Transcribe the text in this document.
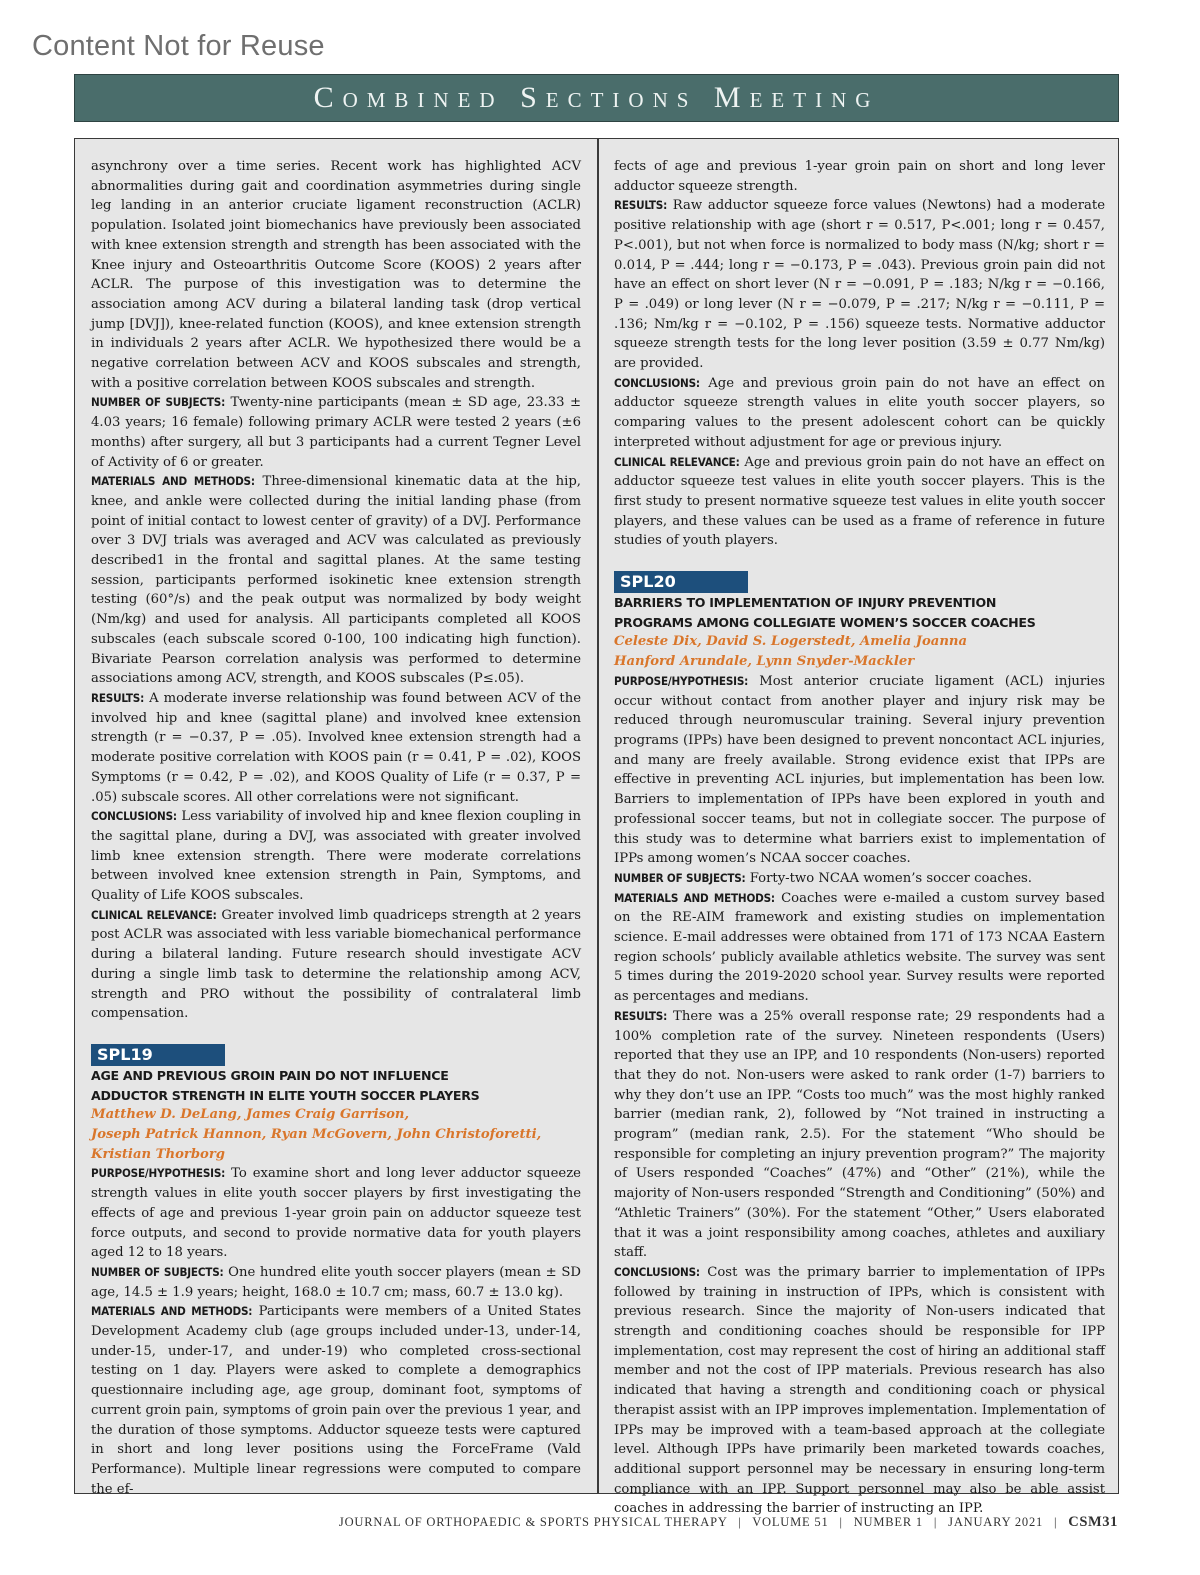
Content Not for Reuse
Combined Sections Meeting

asynchrony over a time series. Recent work has highlighted ACV abnormalities during gait and coordination asymmetries during single leg landing in an anterior cruciate ligament reconstruction (ACLR) population. Isolated joint biomechanics have previously been associated with knee extension strength and strength has been associated with the Knee injury and Osteoarthritis Outcome Score (KOOS) 2 years after ACLR. The purpose of this investigation was to determine the association among ACV during a bilateral landing task (drop vertical jump [DVJ]), knee-related function (KOOS), and knee extension strength in individuals 2 years after ACLR. We hypothesized there would be a negative correlation between ACV and KOOS subscales and strength, with a positive correlation between KOOS subscales and strength.

NUMBER OF SUBJECTS: Twenty-nine participants (mean ± SD age, 23.33 ± 4.03 years; 16 female) following primary ACLR were tested 2 years (±6 months) after surgery, all but 3 participants had a current Tegner Level of Activity of 6 or greater.

MATERIALS AND METHODS: Three-dimensional kinematic data at the hip, knee, and ankle were collected during the initial landing phase (from point of initial contact to lowest center of gravity) of a DVJ. Performance over 3 DVJ trials was averaged and ACV was calculated as previously described1 in the frontal and sagittal planes. At the same testing session, participants performed isokinetic knee extension strength testing (60°/s) and the peak output was normalized by body weight (Nm/kg) and used for analysis. All participants completed all KOOS subscales (each subscale scored 0-100, 100 indicating high function). Bivariate Pearson correlation analysis was performed to determine associations among ACV, strength, and KOOS subscales (P≤.05).

RESULTS: A moderate inverse relationship was found between ACV of the involved hip and knee (sagittal plane) and involved knee extension strength (r = −0.37, P = .05). Involved knee extension strength had a moderate positive correlation with KOOS pain (r = 0.41, P = .02), KOOS Symptoms (r = 0.42, P = .02), and KOOS Quality of Life (r = 0.37, P = .05) subscale scores. All other correlations were not significant.

CONCLUSIONS: Less variability of involved hip and knee flexion coupling in the sagittal plane, during a DVJ, was associated with greater involved limb knee extension strength. There were moderate correlations between involved knee extension strength in Pain, Symptoms, and Quality of Life KOOS subscales.

CLINICAL RELEVANCE: Greater involved limb quadriceps strength at 2 years post ACLR was associated with less variable biomechanical performance during a bilateral landing. Future research should investigate ACV during a single limb task to determine the relationship among ACV, strength and PRO without the possibility of contralateral limb compensation.

SPL19
AGE AND PREVIOUS GROIN PAIN DO NOT INFLUENCE
ADDUCTOR STRENGTH IN ELITE YOUTH SOCCER PLAYERS
Matthew D. DeLang, James Craig Garrison,
Joseph Patrick Hannon, Ryan McGovern, John Christoforetti,
Kristian Thorborg

PURPOSE/HYPOTHESIS: To examine short and long lever adductor squeeze strength values in elite youth soccer players by first investigating the effects of age and previous 1-year groin pain on adductor squeeze test force outputs, and second to provide normative data for youth players aged 12 to 18 years.

NUMBER OF SUBJECTS: One hundred elite youth soccer players (mean ± SD age, 14.5 ± 1.9 years; height, 168.0 ± 10.7 cm; mass, 60.7 ± 13.0 kg).

MATERIALS AND METHODS: Participants were members of a United States Development Academy club (age groups included under-13, under-14, under-15, under-17, and under-19) who completed cross-sectional testing on 1 day. Players were asked to complete a demographics questionnaire including age, age group, dominant foot, symptoms of current groin pain, symptoms of groin pain over the previous 1 year, and the duration of those symptoms. Adductor squeeze tests were captured in short and long lever positions using the ForceFrame (Vald Performance). Multiple linear regressions were computed to compare the ef-

fects of age and previous 1-year groin pain on short and long lever adductor squeeze strength.

RESULTS: Raw adductor squeeze force values (Newtons) had a moderate positive relationship with age (short r = 0.517, P<.001; long r = 0.457, P<.001), but not when force is normalized to body mass (N/kg; short r = 0.014, P = .444; long r = −0.173, P = .043). Previous groin pain did not have an effect on short lever (N r = −0.091, P = .183; N/kg r = −0.166, P = .049) or long lever (N r = −0.079, P = .217; N/kg r = −0.111, P = .136; Nm/kg r = −0.102, P = .156) squeeze tests. Normative adductor squeeze strength tests for the long lever position (3.59 ± 0.77 Nm/kg) are provided.

CONCLUSIONS: Age and previous groin pain do not have an effect on adductor squeeze strength values in elite youth soccer players, so comparing values to the present adolescent cohort can be quickly interpreted without adjustment for age or previous injury.

CLINICAL RELEVANCE: Age and previous groin pain do not have an effect on adductor squeeze test values in elite youth soccer players. This is the first study to present normative squeeze test values in elite youth soccer players, and these values can be used as a frame of reference in future studies of youth players.

SPL20
BARRIERS TO IMPLEMENTATION OF INJURY PREVENTION
PROGRAMS AMONG COLLEGIATE WOMEN’S SOCCER COACHES
Celeste Dix, David S. Logerstedt, Amelia Joanna
Hanford Arundale, Lynn Snyder-Mackler

PURPOSE/HYPOTHESIS: Most anterior cruciate ligament (ACL) injuries occur without contact from another player and injury risk may be reduced through neuromuscular training. Several injury prevention programs (IPPs) have been designed to prevent noncontact ACL injuries, and many are freely available. Strong evidence exist that IPPs are effective in preventing ACL injuries, but implementation has been low. Barriers to implementation of IPPs have been explored in youth and professional soccer teams, but not in collegiate soccer. The purpose of this study was to determine what barriers exist to implementation of IPPs among women’s NCAA soccer coaches.

NUMBER OF SUBJECTS: Forty-two NCAA women’s soccer coaches.

MATERIALS AND METHODS: Coaches were e-mailed a custom survey based on the RE-AIM framework and existing studies on implementation science. E-mail addresses were obtained from 171 of 173 NCAA Eastern region schools’ publicly available athletics website. The survey was sent 5 times during the 2019-2020 school year. Survey results were reported as percentages and medians.

RESULTS: There was a 25% overall response rate; 29 respondents had a 100% completion rate of the survey. Nineteen respondents (Users) reported that they use an IPP, and 10 respondents (Non-users) reported that they do not. Non-users were asked to rank order (1-7) barriers to why they don’t use an IPP. “Costs too much” was the most highly ranked barrier (median rank, 2), followed by “Not trained in instructing a program” (median rank, 2.5). For the statement “Who should be responsible for completing an injury prevention program?” The majority of Users responded “Coaches” (47%) and “Other” (21%), while the majority of Non-users responded “Strength and Conditioning” (50%) and “Athletic Trainers” (30%). For the statement “Other,” Users elaborated that it was a joint responsibility among coaches, athletes and auxiliary staff.

CONCLUSIONS: Cost was the primary barrier to implementation of IPPs followed by training in instruction of IPPs, which is consistent with previous research. Since the majority of Non-users indicated that strength and conditioning coaches should be responsible for IPP implementation, cost may represent the cost of hiring an additional staff member and not the cost of IPP materials. Previous research has also indicated that having a strength and conditioning coach or physical therapist assist with an IPP improves implementation. Implementation of IPPs may be improved with a team-based approach at the collegiate level. Although IPPs have primarily been marketed towards coaches, additional support personnel may be necessary in ensuring long-term compliance with an IPP. Support personnel may also be able assist coaches in addressing the barrier of instructing an IPP.

JOURNAL OF ORTHOPAEDIC & SPORTS PHYSICAL THERAPY | VOLUME 51 | NUMBER 1 | JANUARY 2021 | CSM31
